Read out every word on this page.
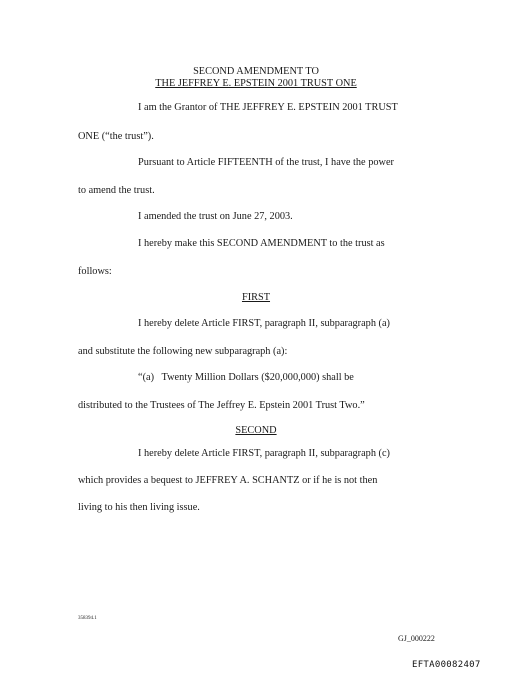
SECOND AMENDMENT TO
THE JEFFREY E. EPSTEIN 2001 TRUST ONE
I am the Grantor of THE JEFFREY E. EPSTEIN 2001 TRUST
ONE (“the trust”).
Pursuant to Article FIFTEENTH of the trust, I have the power
to amend the trust.
I amended the trust on June 27, 2003.
I hereby make this SECOND AMENDMENT to the trust as
follows:
FIRST
I hereby delete Article FIRST, paragraph II, subparagraph (a)
and substitute the following new subparagraph (a):
“(a)   Twenty Million Dollars ($20,000,000) shall be
distributed to the Trustees of The Jeffrey E. Epstein 2001 Trust Two.”
SECOND
I hereby delete Article FIRST, paragraph II, subparagraph (c)
which provides a bequest to JEFFREY A. SCHANTZ or if he is not then
living to his then living issue.
358394.1
GJ_000222
EFTA00082407
